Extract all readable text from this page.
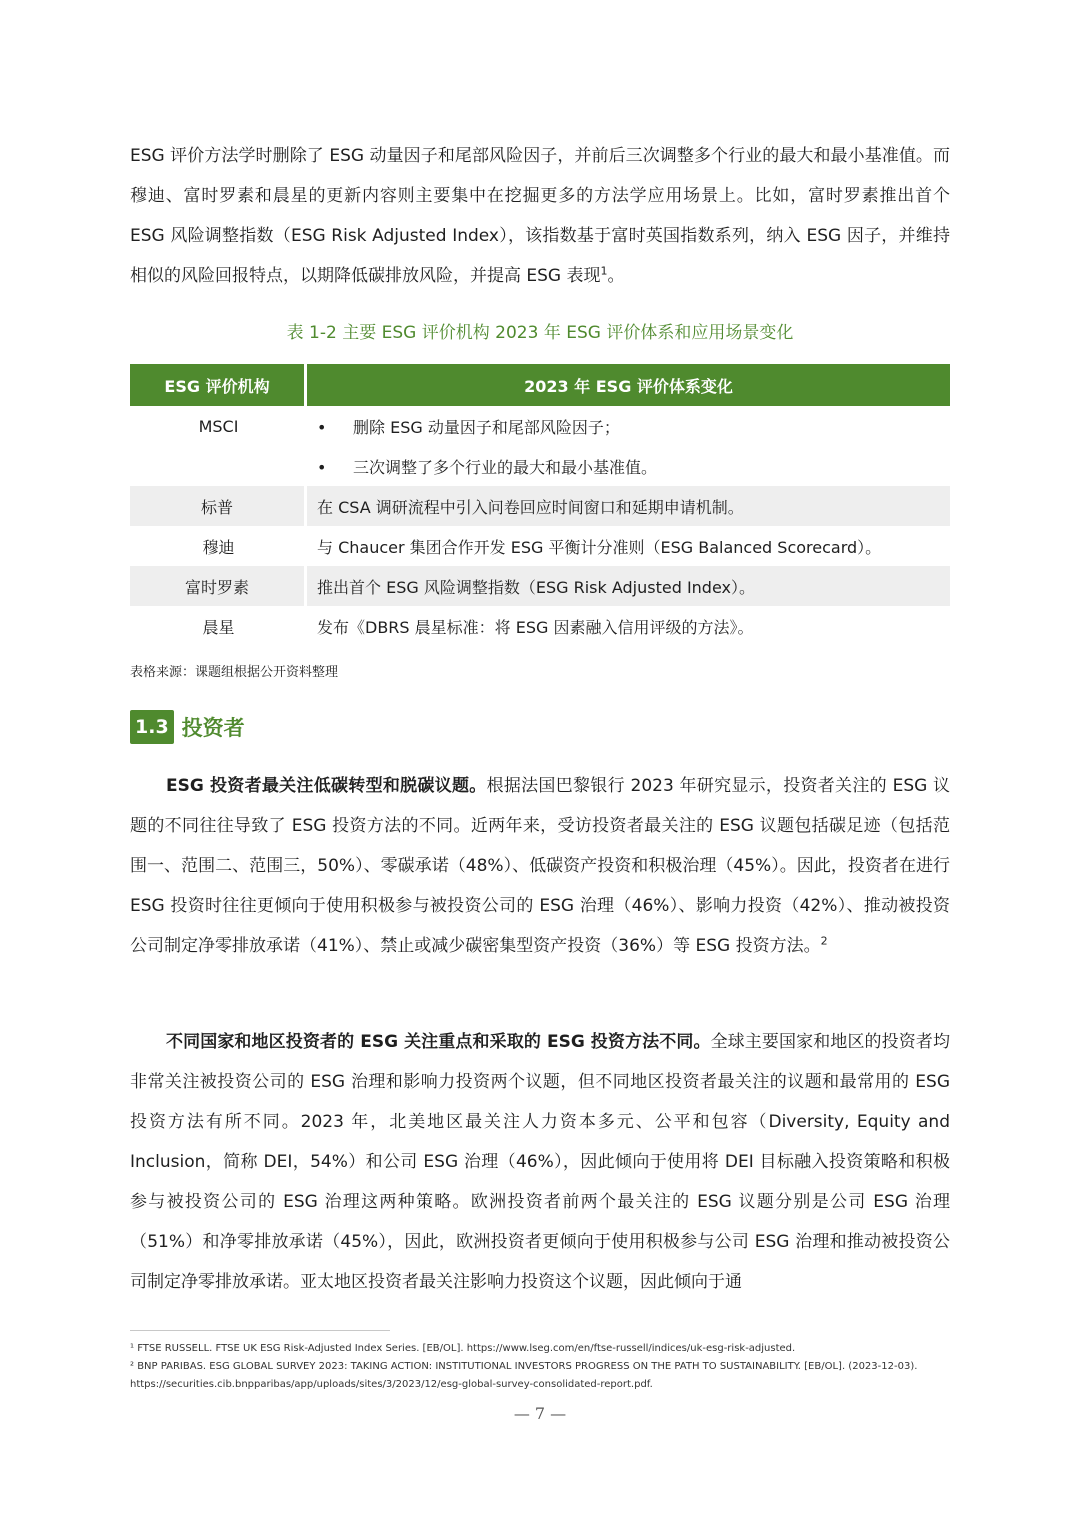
ESG 评价方法学时删除了 ESG 动量因子和尾部风险因子，并前后三次调整多个行业的最大和最小基准值。而穆迪、富时罗素和晨星的更新内容则主要集中在挖掘更多的方法学应用场景上。比如，富时罗素推出首个 ESG 风险调整指数（ESG Risk Adjusted Index），该指数基于富时英国指数系列，纳入 ESG 因子，并维持相似的风险回报特点，以期降低碳排放风险，并提高 ESG 表现$^1$。

表 1-2 主要 ESG 评价机构 2023 年 ESG 评价体系和应用场景变化
ESG 评价机构	2023 年 ESG 评价体系变化
MSCI	• 删除 ESG 动量因子和尾部风险因子；
	• 三次调整了多个行业的最大和最小基准值。
标普	在 CSA 调研流程中引入问卷回应时间窗口和延期申请机制。
穆迪	与 Chaucer 集团合作开发 ESG 平衡计分准则（ESG Balanced Scorecard）。
富时罗素	推出首个 ESG 风险调整指数（ESG Risk Adjusted Index）。
晨星	发布《DBRS 晨星标准：将 ESG 因素融入信用评级的方法》。
表格来源：课题组根据公开资料整理
1.3 投资者

ESG 投资者最关注低碳转型和脱碳议题。根据法国巴黎银行 2023 年研究显示，投资者关注的 ESG 议题的不同往往导致了 ESG 投资方法的不同。近两年来，受访投资者最关注的 ESG 议题包括碳足迹（包括范围一、范围二、范围三，50%）、零碳承诺（48%）、低碳资产投资和积极治理（45%）。因此，投资者在进行 ESG 投资时往往更倾向于使用积极参与被投资公司的 ESG 治理（46%）、影响力投资（42%）、推动被投资公司制定净零排放承诺（41%）、禁止或减少碳密集型资产投资（36%）等 ESG 投资方法。$^2$

不同国家和地区投资者的 ESG 关注重点和采取的 ESG 投资方法不同。全球主要国家和地区的投资者均非常关注被投资公司的 ESG 治理和影响力投资两个议题，但不同地区投资者最关注的议题和最常用的 ESG 投资方法有所不同。2023 年，北美地区最关注人力资本多元、公平和包容（Diversity, Equity and Inclusion，简称 DEI，54%）和公司 ESG 治理（46%），因此倾向于使用将 DEI 目标融入投资策略和积极参与被投资公司的 ESG 治理这两种策略。欧洲投资者前两个最关注的 ESG 议题分别是公司 ESG 治理（51%）和净零排放承诺（45%），因此，欧洲投资者更倾向于使用积极参与公司 ESG 治理和推动被投资公司制定净零排放承诺。亚太地区投资者最关注影响力投资这个议题，因此倾向于通

¹ FTSE RUSSELL. FTSE UK ESG Risk-Adjusted Index Series. [EB/OL]. https://www.lseg.com/en/ftse-russell/indices/uk-esg-risk-adjusted.

² BNP PARIBAS. ESG GLOBAL SURVEY 2023: TAKING ACTION: INSTITUTIONAL INVESTORS PROGRESS ON THE PATH TO SUSTAINABILITY. [EB/OL]. (2023-12-03). https://securities.cib.bnpparibas/app/uploads/sites/3/2023/12/esg-global-survey-consolidated-report.pdf.

— 7 —
